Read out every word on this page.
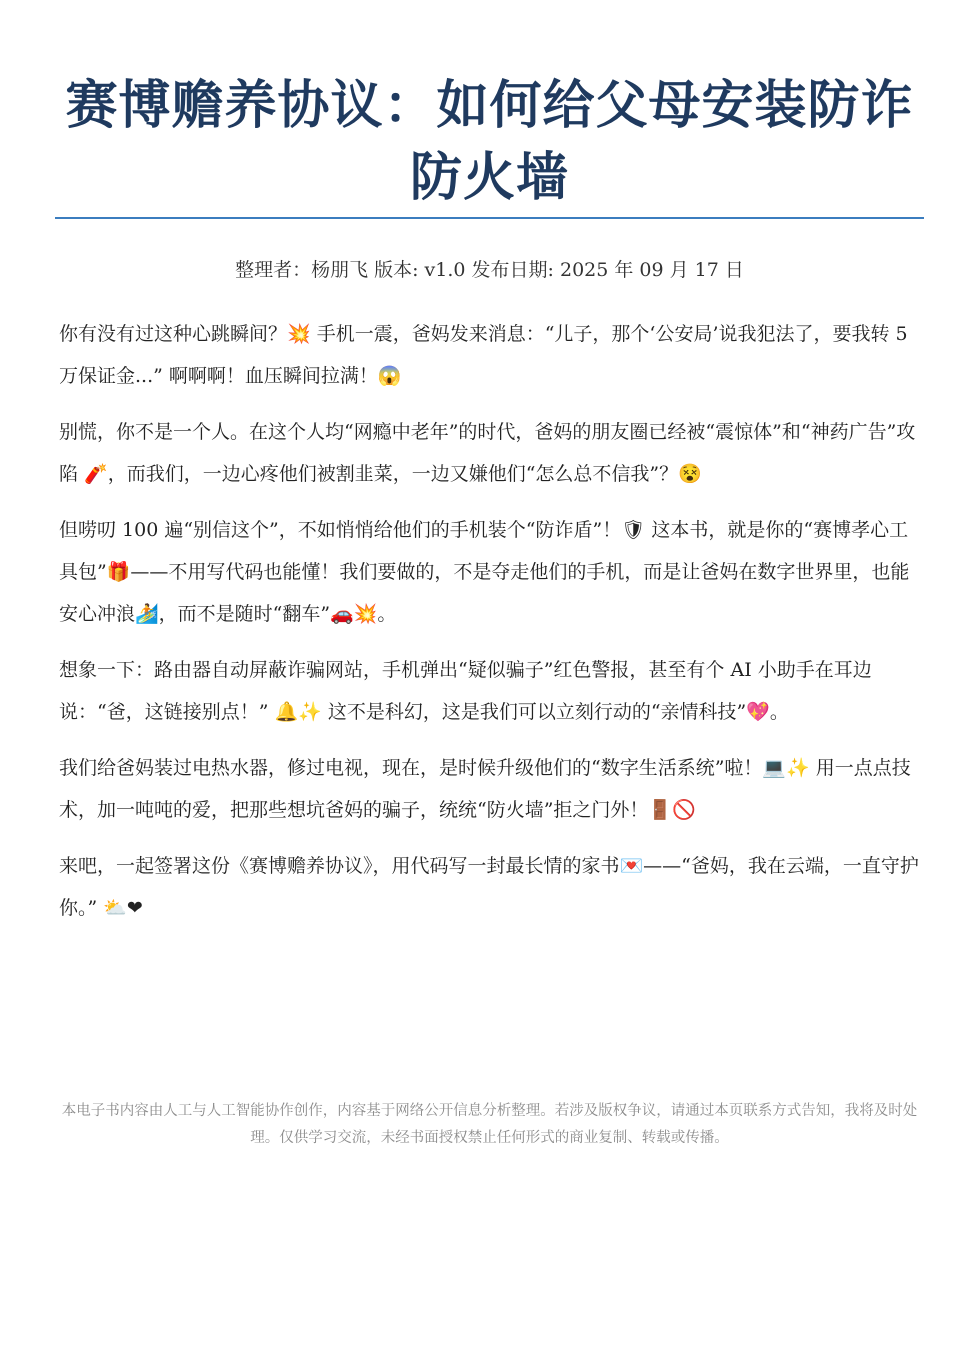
赛博赡养协议：如何给父母安装防诈防火墙
整理者：杨朋飞 版本: v1.0 发布日期: 2025 年 09 月 17 日

你有没有过这种心跳瞬间？💥 手机一震，爸妈发来消息：“儿子，那个‘公安局’说我犯法了，要我转 5 万保证金...” 啊啊啊！血压瞬间拉满！😱

别慌，你不是一个人。在这个人均“网瘾中老年”的时代，爸妈的朋友圈已经被“震惊体”和“神药广告”攻陷 🧨，而我们，一边心疼他们被割韭菜，一边又嫌他们“怎么总不信我”？😵

但唠叨 100 遍“别信这个”，不如悄悄给他们的手机装个“防诈盾”！🛡 这本书，就是你的“赛博孝心工具包”🎁——不用写代码也能懂！我们要做的，不是夺走他们的手机，而是让爸妈在数字世界里，也能安心冲浪🏄，而不是随时“翻车”🚗💥。

想象一下：路由器自动屏蔽诈骗网站，手机弹出“疑似骗子”红色警报，甚至有个 AI 小助手在耳边说：“爸，这链接别点！” 🔔✨ 这不是科幻，这是我们可以立刻行动的“亲情科技”💖。

我们给爸妈装过电热水器，修过电视，现在，是时候升级他们的“数字生活系统”啦！💻✨ 用一点点技术，加一吨吨的爱，把那些想坑爸妈的骗子，统统“防火墙”拒之门外！🚪🚫

来吧，一起签署这份《赛博赡养协议》，用代码写一封最长情的家书💌——“爸妈，我在云端，一直守护你。” ⛅❤

本电子书内容由人工与人工智能协作创作，内容基于网络公开信息分析整理。若涉及版权争议，请通过本页联系方式告知，我将及时处理。仅供学习交流，未经书面授权禁止任何形式的商业复制、转载或传播。
